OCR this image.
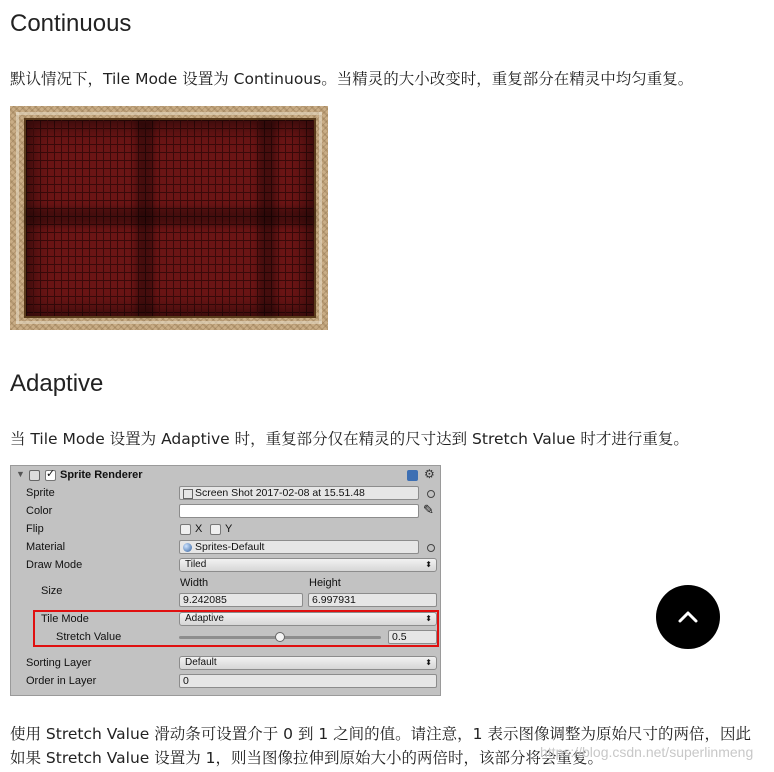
Continuous
默认情况下，Tile Mode 设置为 Continuous。当精灵的大小改变时，重复部分在精灵中均匀重复。
Adaptive
当 Tile Mode 设置为 Adaptive 时，重复部分仅在精灵的尺寸达到 Stretch Value 时才进行重复。
▼ ✓ Sprite Renderer	⚙
Sprite	Screen Shot 2017-02-08 at 15.51.48
Color	✎
Flip	X Y
Material	Sprites-Default
Draw Mode	Tiled	⬍
Width	Height
Size
9.242085	6.997931
Tile Mode	Adaptive	⬍
Stretch Value	0.5
Sorting Layer	Default	⬍
Order in Layer	0
使用 Stretch Value 滑动条可设置介于 0 到 1 之间的值。请注意，1 表示图像调整为原始尺寸的两倍，因此
如果 Stretch Value 设置为 1，则当图像拉伸到原始大小的两倍时，该部分将会重复。
https://blog.csdn.net/superlinmeng
